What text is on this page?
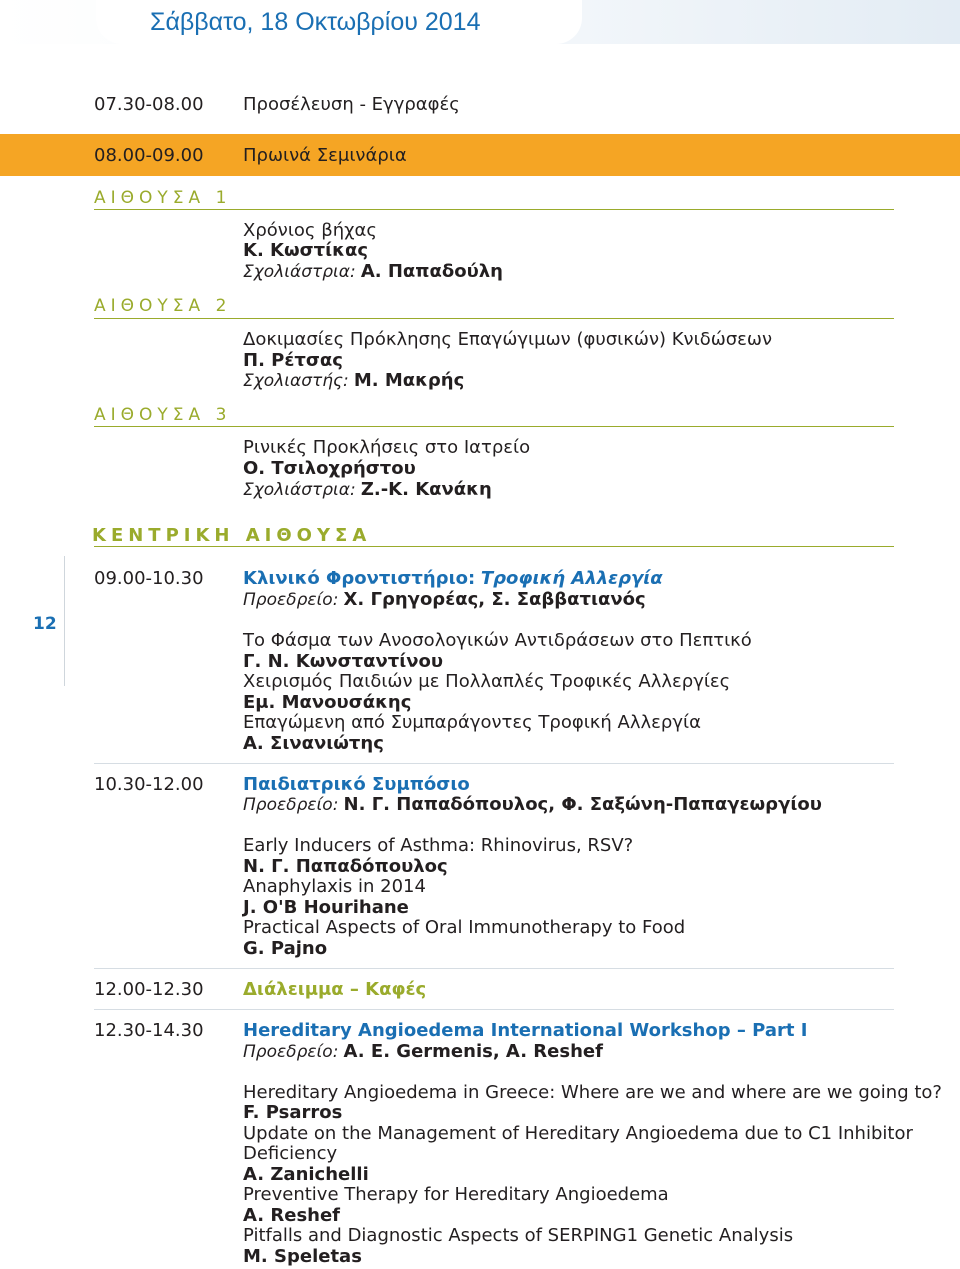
Σάββατο, 18 Οκτωβρίου 2014
07.30-08.00 Προσέλευση - Εγγραφές
08.00-09.00 Πρωινά Σεμινάρια
ΑΙΘΟΥΣΑ 1
Χρόνιος βήχας
Κ. Κωστίκας
Σχολιάστρια: Α. Παπαδούλη
ΑΙΘΟΥΣΑ 2
Δοκιμασίες Πρόκλησης Επαγώγιμων (φυσικών) Κνιδώσεων
Π. Ρέτσας
Σχολιαστής: Μ. Μακρής
ΑΙΘΟΥΣΑ 3
Ρινικές Προκλήσεις στο Ιατρείο
Ο. Τσιλοχρήστου
Σχολιάστρια: Ζ.-Κ. Κανάκη
ΚΕΝΤΡΙΚΗ ΑΙΘΟΥΣΑ
12
09.00-10.30 Κλινικό Φροντιστήριο: Τροφική Αλλεργία
Προεδρείο: Χ. Γρηγορέας, Σ. Σαββατιανός
Το Φάσμα των Ανοσολογικών Αντιδράσεων στο Πεπτικό
Γ. Ν. Κωνσταντίνου
Χειρισμός Παιδιών με Πολλαπλές Τροφικές Αλλεργίες
Εμ. Μανουσάκης
Επαγώμενη από Συμπαράγοντες Τροφική Αλλεργία
Α. Σινανιώτης
10.30-12.00 Παιδιατρικό Συμπόσιο
Προεδρείο: Ν. Γ. Παπαδόπουλος, Φ. Σαξώνη-Παπαγεωργίου
Early Inducers of Asthma: Rhinovirus, RSV?
Ν. Γ. Παπαδόπουλος
Anaphylaxis in 2014
J. O'B Hourihane
Practical Aspects of Oral Immunotherapy to Food
G. Pajno
12.00-12.30 Διάλειμμα – Καφές
12.30-14.30 Hereditary Angioedema International Workshop – Part I
Προεδρείο: A. E. Germenis, A. Reshef
Hereditary Angioedema in Greece: Where are we and where are we going to?
F. Psarros
Update on the Management of Hereditary Angioedema due to C1 Inhibitor
Deficiency
A. Zanichelli
Preventive Therapy for Hereditary Angioedema
A. Reshef
Pitfalls and Diagnostic Aspects of SERPING1 Genetic Analysis
M. Speletas
